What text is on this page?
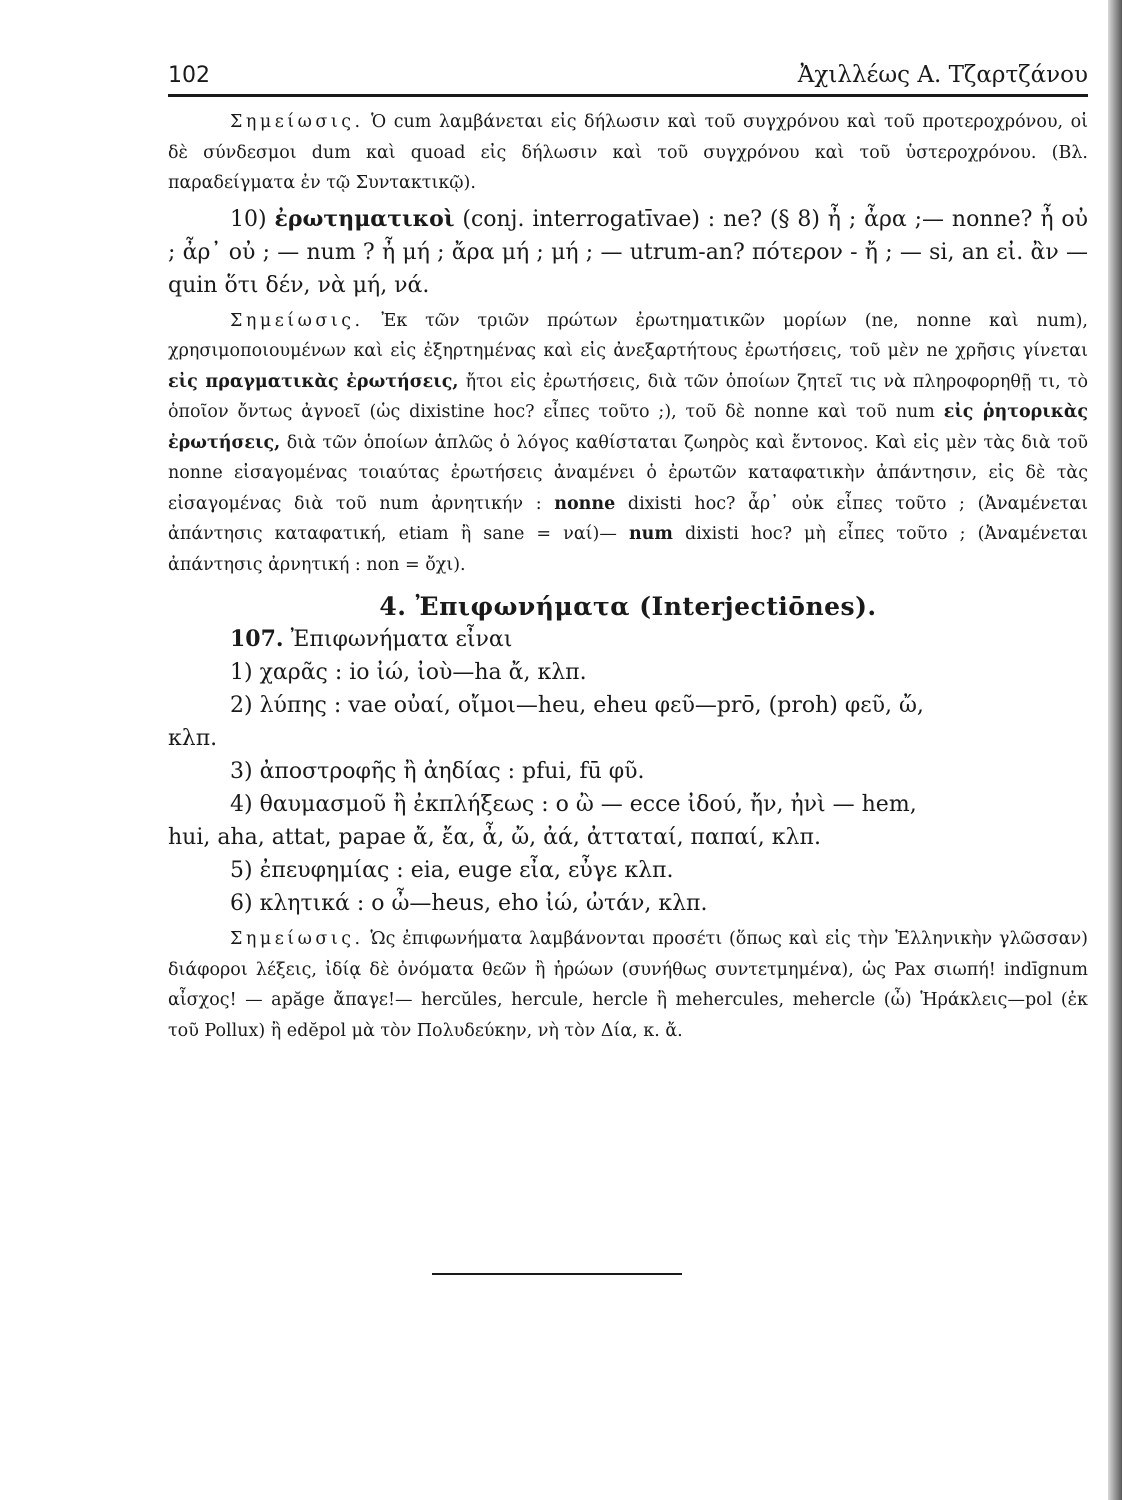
102	Ἀχιλλέως Α. Τζαρτζάνου

Σημείωσις. Ὁ cum λαμβάνεται εἰς δήλωσιν καὶ τοῦ συγχρόνου καὶ τοῦ προτεροχρόνου, οἱ δὲ σύνδεσμοι dum καὶ quoad εἰς δήλωσιν καὶ τοῦ συγχρόνου καὶ τοῦ ὑστεροχρόνου. (Βλ. παραδείγματα ἐν τῷ Συντακτικῷ).

10) ἐρωτηματικοὶ (conj. interrogatīvae) : ne? (§ 8) ἦ ; ἆρα ;— nonne? ἦ οὐ ; ἆρ᾿ οὐ ; — num ? ἦ μή ; ἄρα μή ; μή ; — utrum-an? πότερον - ἤ ; — si, an εἰ. ἂν — quin ὅτι δέν, νὰ μή, νά.

Σημείωσις. Ἐκ τῶν τριῶν πρώτων ἐρωτηματικῶν μορίων (ne, nonne καὶ num), χρησιμοποιουμένων καὶ εἰς ἐξηρτημένας καὶ εἰς ἀνεξαρτήτους ἐρωτήσεις, τοῦ μὲν ne χρῆσις γίνεται εἰς πραγματικὰς ἐρωτήσεις, ἤτοι εἰς ἐρωτήσεις, διὰ τῶν ὁποίων ζητεῖ τις νὰ πληροφορηθῇ τι, τὸ ὁποῖον ὄντως ἀγνοεῖ (ὡς dixistine hoc? εἶπες τοῦτο ;), τοῦ δὲ nonne καὶ τοῦ num εἰς ῥητορικὰς ἐρωτήσεις, διὰ τῶν ὁποίων ἁπλῶς ὁ λόγος καθίσταται ζωηρὸς καὶ ἔντονος. Καὶ εἰς μὲν τὰς διὰ τοῦ nonne εἰσαγομένας τοιαύτας ἐρωτήσεις ἀναμένει ὁ ἐρωτῶν καταφατικὴν ἀπάντησιν, εἰς δὲ τὰς εἰσαγομένας διὰ τοῦ num ἀρνητικήν : nonne dixisti hoc? ἆρ᾿ οὐκ εἶπες τοῦτο ; (Ἀναμένεται ἀπάντησις καταφατική, etiam ἢ sane = ναί)— num dixisti hoc? μὴ εἶπες τοῦτο ; (Ἀναμένεται ἀπάντησις ἀρνητική : non = ὄχι).

4. Ἐπιφωνήματα (Interjectiōnes).

107. Ἐπιφωνήματα εἶναι

1) χαρᾶς : io ἰώ, ἰοὺ—ha ἄ, κλπ.

2) λύπης : vae οὐαί, οἴμοι—heu, eheu φεῦ—prō, (proh) φεῦ, ὤ,

κλπ.

3) ἀποστροφῆς ἢ ἀηδίας : pfui, fū φῦ.

4) θαυμασμοῦ ἢ ἐκπλήξεως : o ὢ — ecce ἰδού, ἤν, ἠνὶ — hem,

hui, aha, attat, papae ἄ, ἔα, ἆ, ὤ, ἀά, ἀτταταί, παπαί, κλπ.

5) ἐπευφημίας : eia, euge εἶα, εὖγε κλπ.

6) κλητικά : o ὦ—heus, eho ἰώ, ὠτάν, κλπ.

Σημείωσις. Ὡς ἐπιφωνήματα λαμβάνονται προσέτι (ὅπως καὶ εἰς τὴν Ἑλληνικὴν γλῶσσαν) διάφοροι λέξεις, ἰδίᾳ δὲ ὀνόματα θεῶν ἢ ἡρώων (συνήθως συντετμημένα), ὡς Pax σιωπή! indīgnum αἶσχος! — apăge ἄπαγε!— hercŭles, hercule, hercle ἢ mehercules, mehercle (ὦ) Ἡράκλεις—pol (ἐκ τοῦ Pollux) ἢ edĕpol μὰ τὸν Πολυδεύκην, νὴ τὸν Δία, κ. ἄ.
